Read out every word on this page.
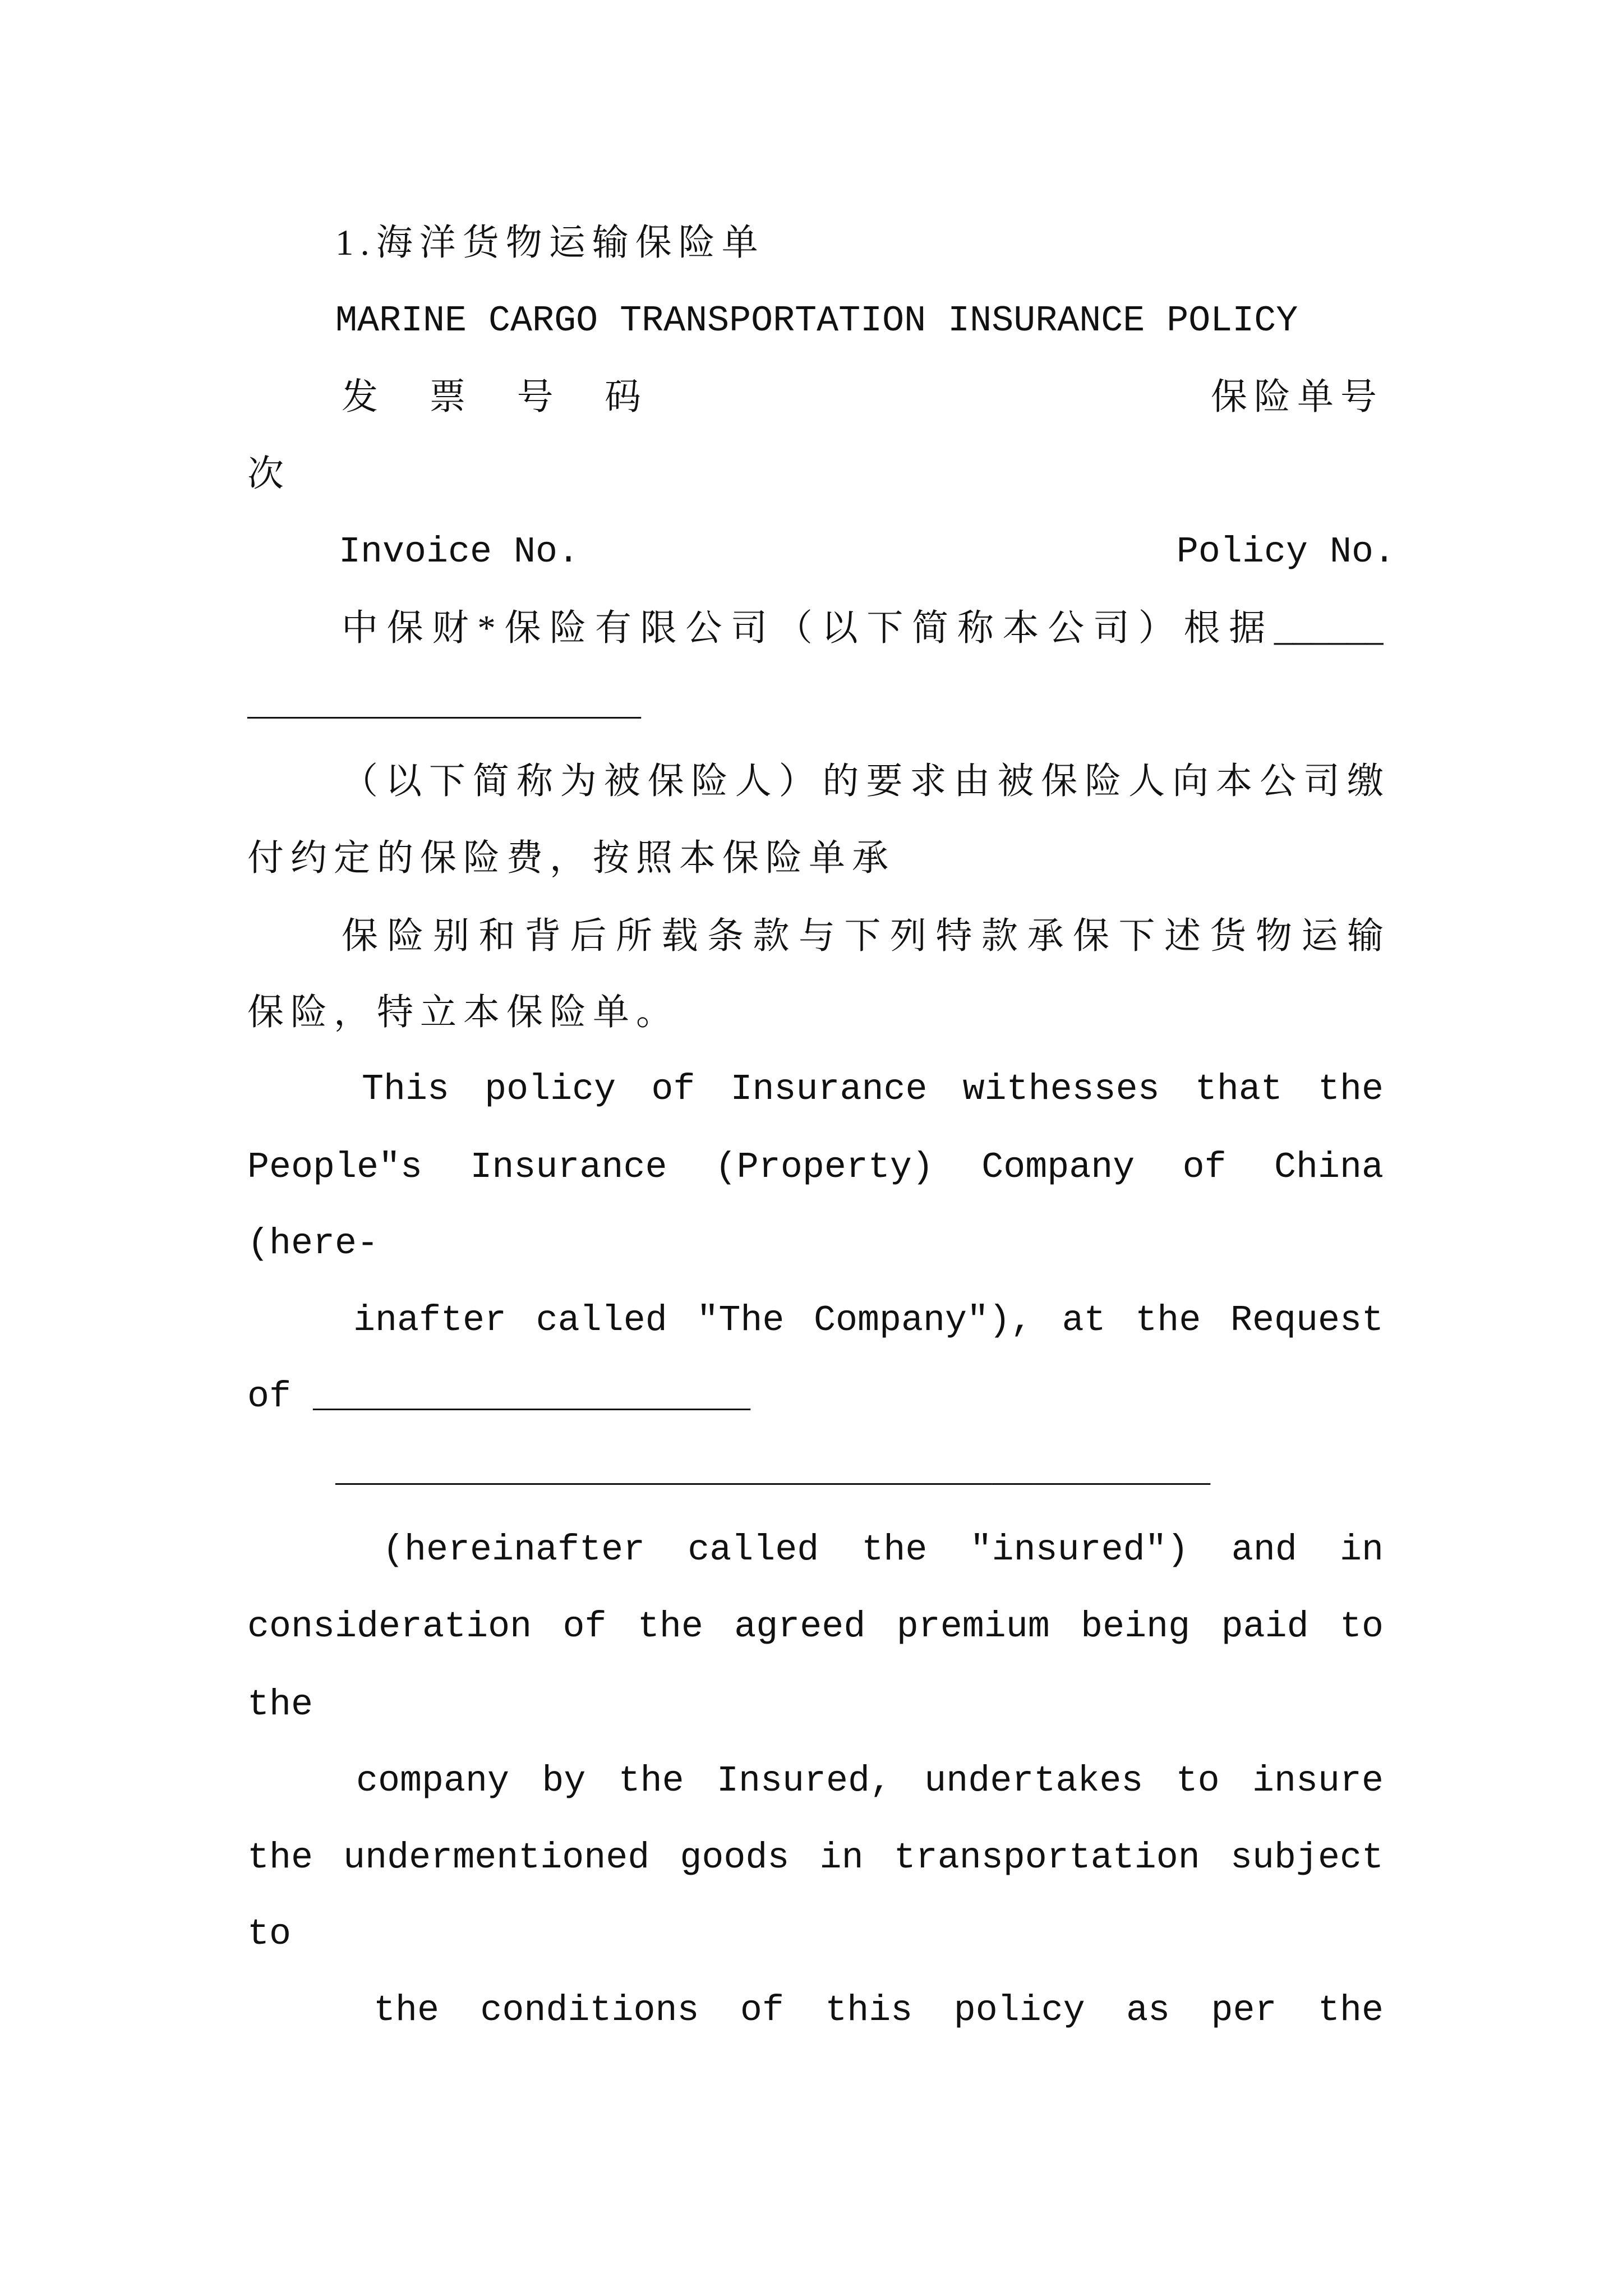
1.海洋货物运输保险单
MARINE CARGO TRANSPORTATION INSURANCE POLICY
发 票 号 码	保险单号
次
Invoice No.	Policy No.
中保财*保险有限公司（以下简称本公司）根据______
__________________
（以下简称为被保险人）的要求由被保险人向本公司缴
付约定的保险费，按照本保险单承
保险别和背后所载条款与下列特款承保下述货物运输
保险，特立本保险单。
This policy of Insurance withesses that the
People"s Insurance (Property) Company of China
(here-
inafter called "The Company"), at the Request
of ____________________
________________________________________
(hereinafter called the "insured") and in
consideration of the agreed premium being paid to
the
company by the Insured, undertakes to insure
the undermentioned goods in transportation subject
to
the conditions of this policy as per the
